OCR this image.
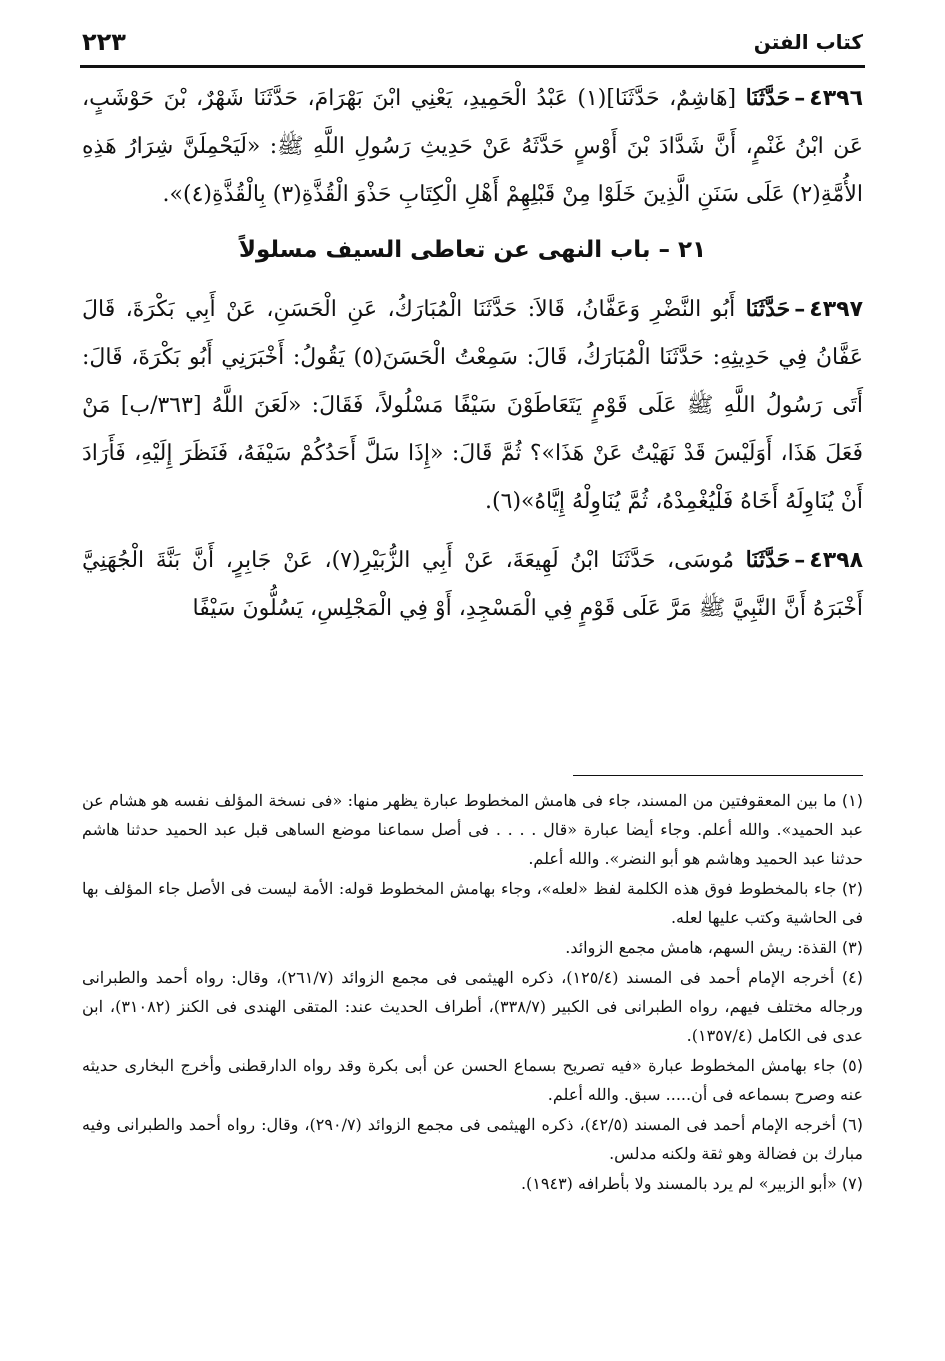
كتاب الفتن
٢٢٣

٤٣٩٦–حَدَّثَنَا [هَاشِمٌ، حَدَّثَنَا](١) عَبْدُ الْحَمِيدِ، يَعْنِي ابْنَ بَهْرَامَ، حَدَّثَنَا شَهْرٌ، بْنَ حَوْشَبٍ، عَن ابْنُ غَنْمٍ، أَنَّ شَدَّادَ بْنَ أَوْسٍ حَدَّثَهُ عَنْ حَدِيثِ رَسُولِ اللَّهِ ﷺ: «لَيَحْمِلَنَّ شِرَارُ هَذِهِ الأُمَّةِ(٢) عَلَى سَنَنِ الَّذِينَ خَلَوْا مِنْ قَبْلِهِمْ أَهْلِ الْكِتَابِ حَذْوَ الْقُذَّةِ(٣) بِالْقُذَّةِ(٤)».

٢١ – باب النهى عن تعاطى السيف مسلولاً

٤٣٩٧–حَدَّثَنَا أَبُو النَّضْرِ وَعَفَّانُ، قَالاَ: حَدَّثَنَا الْمُبَارَكُ، عَنِ الْحَسَنِ، عَنْ أَبِي بَكْرَةَ، قَالَ عَفَّانُ فِي حَدِيثِهِ: حَدَّثَنَا الْمُبَارَكُ، قَالَ: سَمِعْتُ الْحَسَنَ(٥) يَقُولُ: أَخْبَرَنِي أَبُو بَكْرَةَ، قَالَ: أَتَى رَسُولُ اللَّهِ ﷺ عَلَى قَوْمٍ يَتَعَاطَوْنَ سَيْفًا مَسْلُولاً، فَقَالَ: «لَعَنَ اللَّهُ [٣٦٣/ب] مَنْ فَعَلَ هَذَا، أَوَلَيْسَ قَدْ نَهَيْتُ عَنْ هَذَا»؟ ثُمَّ قَالَ: «إِذَا سَلَّ أَحَدُكُمْ سَيْفَهُ، فَنَظَرَ إِلَيْهِ، فَأَرَادَ أَنْ يُنَاوِلَهُ أَخَاهُ فَلْيُغْمِدْهُ، ثُمَّ يُنَاوِلْهُ إِيَّاهُ»(٦).

٤٣٩٨–حَدَّثَنَا مُوسَى، حَدَّثَنَا ابْنُ لَهِيعَةَ، عَنْ أَبِي الزُّبَيْرِ(٧)، عَنْ جَابِرٍ، أَنَّ بَنَّةَ الْجُهَنِيَّ أَخْبَرَهُ أَنَّ النَّبِيَّ ﷺ مَرَّ عَلَى قَوْمٍ فِي الْمَسْجِدِ، أَوْ فِي الْمَجْلِسِ، يَسُلُّونَ سَيْفًا

(١) ما بين المعقوفتين من المسند، جاء فى هامش المخطوط عبارة يظهر منها: «فى نسخة المؤلف نفسه هو هشام عن عبد الحميد». والله أعلم. وجاء أيضا عبارة «قال . . . . فى أصل سماعنا موضع الساهى قبل عبد الحميد حدثنا هاشم حدثنا عبد الحميد وهاشم هو أبو النضر». والله أعلم.

(٢) جاء بالمخطوط فوق هذه الكلمة لفظ «لعله»، وجاء بهامش المخطوط قوله: الأمة ليست فى الأصل جاء المؤلف بها فى الحاشية وكتب عليها لعله.

(٣) القذة: ريش السهم، هامش مجمع الزوائد.

(٤) أخرجه الإمام أحمد فى المسند (١٢٥/٤)، ذكره الهيثمى فى مجمع الزوائد (٢٦١/٧)، وقال: رواه أحمد والطبرانى ورجاله مختلف فيهم، رواه الطبرانى فى الكبير (٣٣٨/٧)، أطراف الحديث عند: المتقى الهندى فى الكنز (٣١٠٨٢)، ابن عدى فى الكامل (١٣٥٧/٤).

(٥) جاء بهامش المخطوط عبارة «فيه تصريح بسماع الحسن عن أبى بكرة وقد رواه الدارقطنى وأخرج البخارى حديثه عنه وصرح بسماعه فى أن..... سبق. والله أعلم.

(٦) أخرجه الإمام أحمد فى المسند (٤٢/٥)، ذكره الهيثمى فى مجمع الزوائد (٢٩٠/٧)، وقال: رواه أحمد والطبرانى وفيه مبارك بن فضالة وهو ثقة ولكنه مدلس.

(٧) «أبو الزبير» لم يرد بالمسند ولا بأطرافه (١٩٤٣).
